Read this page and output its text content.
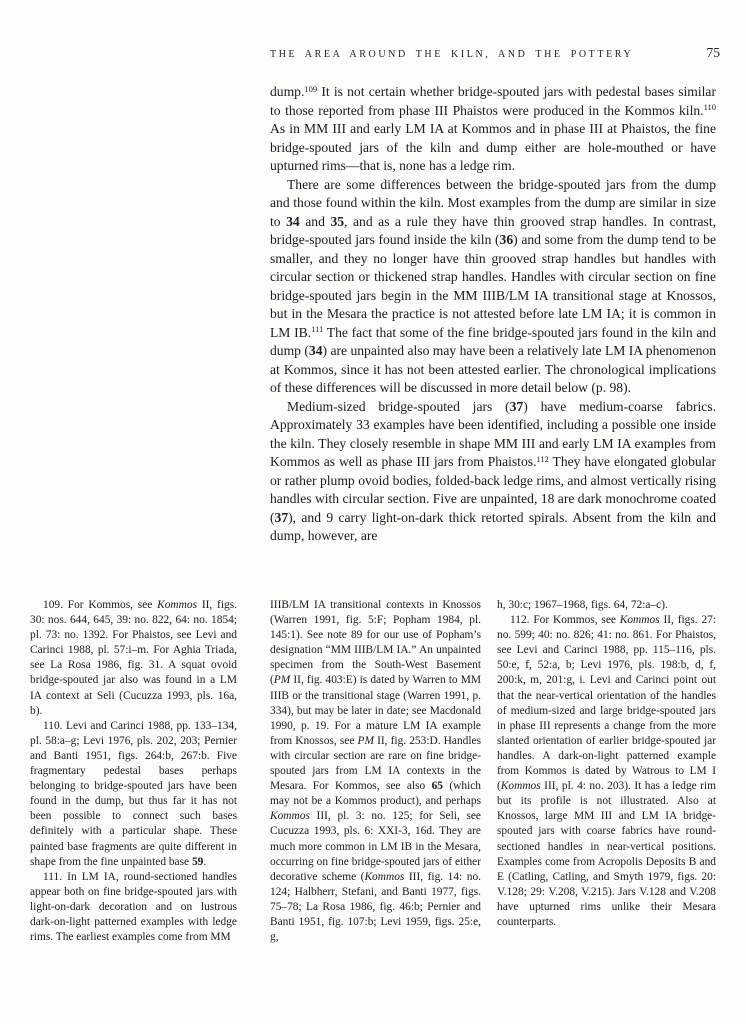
THE AREA AROUND THE KILN, AND THE POTTERY	75

dump.$^{109}$ It is not certain whether bridge-spouted jars with pedestal bases similar to those reported from phase III Phaistos were produced in the Kommos kiln.$^{110}$ As in MM III and early LM IA at Kommos and in phase III at Phaistos, the fine bridge-spouted jars of the kiln and dump either are hole-mouthed or have upturned rims—that is, none has a ledge rim.

There are some differences between the bridge-spouted jars from the dump and those found within the kiln. Most examples from the dump are similar in size to 34 and 35, and as a rule they have thin grooved strap handles. In contrast, bridge-spouted jars found inside the kiln (36) and some from the dump tend to be smaller, and they no longer have thin grooved strap handles but handles with circular section or thickened strap handles. Handles with circular section on fine bridge-spouted jars begin in the MM IIIB/LM IA transitional stage at Knossos, but in the Mesara the practice is not attested before late LM IA; it is common in LM IB.$^{111}$ The fact that some of the fine bridge-spouted jars found in the kiln and dump (34) are unpainted also may have been a relatively late LM IA phenomenon at Kommos, since it has not been attested earlier. The chronological implications of these differences will be discussed in more detail below (p. 98).

Medium-sized bridge-spouted jars (37) have medium-coarse fabrics. Approximately 33 examples have been identified, including a possible one inside the kiln. They closely resemble in shape MM III and early LM IA examples from Kommos as well as phase III jars from Phaistos.$^{112}$ They have elongated globular or rather plump ovoid bodies, folded-back ledge rims, and almost vertically rising handles with circular section. Five are unpainted, 18 are dark monochrome coated (37), and 9 carry light-on-dark thick retorted spirals. Absent from the kiln and dump, however, are

109. For Kommos, see Kommos II, figs. 30: nos. 644, 645, 39: no. 822, 64: no. 1854; pl. 73: no. 1392. For Phaistos, see Levi and Carinci 1988, pl. 57:i–m. For Aghia Triada, see La Rosa 1986, fig. 31. A squat ovoid bridge-spouted jar also was found in a LM IA context at Seli (Cucuzza 1993, pls. 16a, b).

110. Levi and Carinci 1988, pp. 133–134, pl. 58:a–g; Levi 1976, pls. 202, 203; Pernier and Banti 1951, figs. 264:b, 267:b. Five fragmentary pedestal bases perhaps belonging to bridge-spouted jars have been found in the dump, but thus far it has not been possible to connect such bases definitely with a particular shape. These painted base fragments are quite different in shape from the fine unpainted base 59.

111. In LM IA, round-sectioned handles appear both on fine bridge-spouted jars with light-on-dark decoration and on lustrous dark-on-light patterned examples with ledge rims. The earliest examples come from MM

IIIB/LM IA transitional contexts in Knossos (Warren 1991, fig. 5:F; Popham 1984, pl. 145:1). See note 89 for our use of Popham’s designation “MM IIIB/LM IA.” An unpainted specimen from the South-West Basement (PM II, fig. 403:E) is dated by Warren to MM IIIB or the transitional stage (Warren 1991, p. 334), but may be later in date; see Macdonald 1990, p. 19. For a mature LM IA example from Knossos, see PM II, fig. 253:D. Handles with circular section are rare on fine bridge-spouted jars from LM IA contexts in the Mesara. For Kommos, see also 65 (which may not be a Kommos product), and perhaps Kommos III, pl. 3: no. 125; for Seli, see Cucuzza 1993, pls. 6: XXI-3, 16d. They are much more common in LM IB in the Mesara, occurring on fine bridge-spouted jars of either decorative scheme (Kommos III, fig. 14: no. 124; Halbherr, Stefani, and Banti 1977, figs. 75–78; La Rosa 1986, fig. 46:b; Pernier and Banti 1951, fig. 107:b; Levi 1959, figs. 25:e, g,

h, 30:c; 1967–1968, figs. 64, 72:a–c).

112. For Kommos, see Kommos II, figs. 27: no. 599; 40: no. 826; 41: no. 861. For Phaistos, see Levi and Carinci 1988, pp. 115–116, pls. 50:e, f, 52:a, b; Levi 1976, pls. 198:b, d, f, 200:k, m, 201:g, i. Levi and Carinci point out that the near-vertical orientation of the handles of medium-sized and large bridge-spouted jars in phase III represents a change from the more slanted orientation of earlier bridge-spouted jar handles. A dark-on-light patterned example from Kommos is dated by Watrous to LM I (Kommos III, pl. 4: no. 203). It has a ledge rim but its profile is not illustrated. Also at Knossos, large MM III and LM IA bridge-spouted jars with coarse fabrics have round-sectioned handles in near-vertical positions. Examples come from Acropolis Deposits B and E (Catling, Catling, and Smyth 1979, figs. 20: V.128; 29: V.208, V.215). Jars V.128 and V.208 have upturned rims unlike their Mesara counterparts.
